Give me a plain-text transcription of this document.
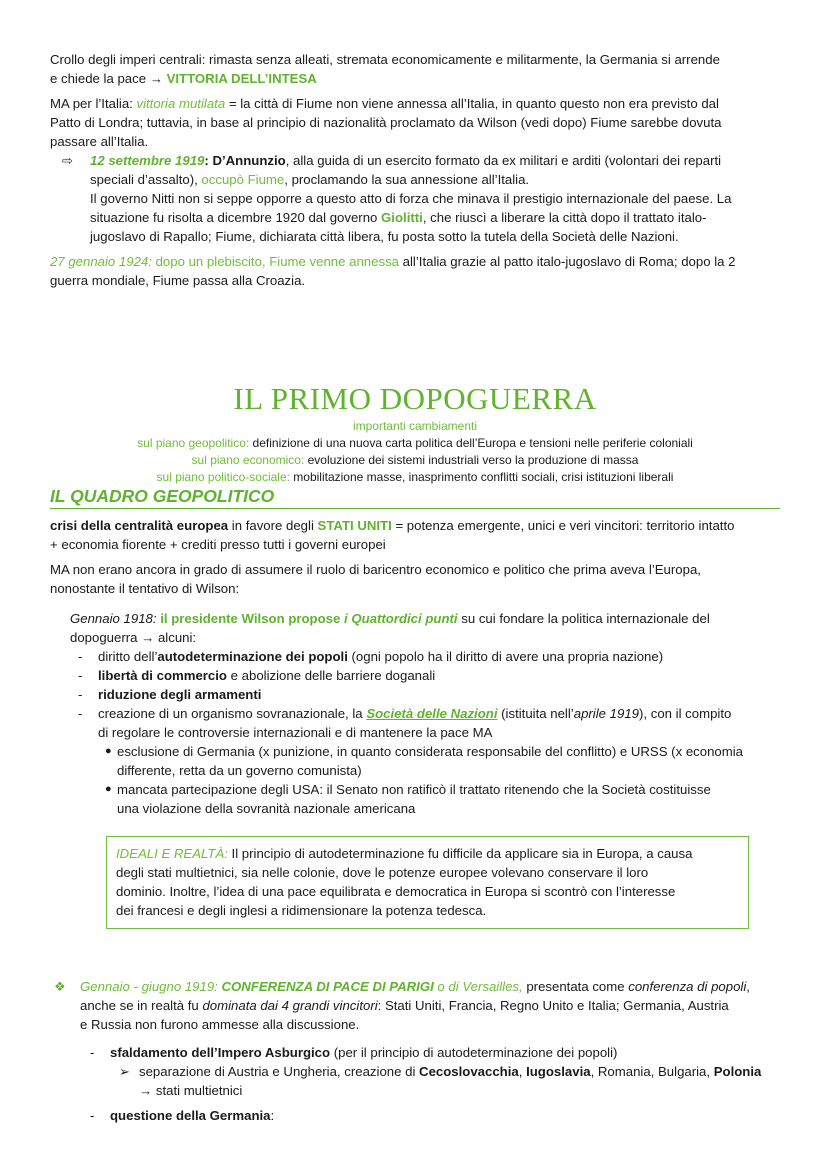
Crollo degli imperi centrali: rimasta senza alleati, stremata economicamente e militarmente, la Germania si arrende
e chiede la pace → VITTORIA DELL’INTESA

MA per l’Italia: vittoria mutilata = la città di Fiume non viene annessa all’Italia, in quanto questo non era previsto dal
Patto di Londra; tuttavia, in base al principio di nazionalità proclamato da Wilson (vedi dopo) Fiume sarebbe dovuta
passare all’Italia.

⇨ 12 settembre 1919: D’Annunzio, alla guida di un esercito formato da ex militari e arditi (volontari dei reparti
speciali d’assalto), occupò Fiume, proclamando la sua annessione all’Italia.
Il governo Nitti non si seppe opporre a questo atto di forza che minava il prestigio internazionale del paese. La
situazione fu risolta a dicembre 1920 dal governo Giolitti, che riuscì a liberare la città dopo il trattato italo-
jugoslavo di Rapallo; Fiume, dichiarata città libera, fu posta sotto la tutela della Società delle Nazioni.

27 gennaio 1924: dopo un plebiscito, Fiume venne annessa all’Italia grazie al patto italo-jugoslavo di Roma; dopo la 2
guerra mondiale, Fiume passa alla Croazia.

IL PRIMO DOPOGUERRA
importanti cambiamenti
sul piano geopolitico: definizione di una nuova carta politica dell’Europa e tensioni nelle periferie coloniali
sul piano economico: evoluzione dei sistemi industriali verso la produzione di massa
sul piano politico-sociale: mobilitazione masse, inasprimento conflitti sociali, crisi istituzioni liberali
IL QUADRO GEOPOLITICO

crisi della centralità europea in favore degli STATI UNITI = potenza emergente, unici e veri vincitori: territorio intatto
+ economia fiorente + crediti presso tutti i governi europei

MA non erano ancora in grado di assumere il ruolo di baricentro economico e politico che prima aveva l’Europa,
nonostante il tentativo di Wilson:

Gennaio 1918: il presidente Wilson propose i Quattordici punti su cui fondare la politica internazionale del
dopoguerra → alcuni:

- diritto dell’autodeterminazione dei popoli (ogni popolo ha il diritto di avere una propria nazione)

- libertà di commercio e abolizione delle barriere doganali

- riduzione degli armamenti

- creazione di un organismo sovranazionale, la Società delle Nazioni (istituita nell’aprile 1919), con il compito
di regolare le controversie internazionali e di mantenere la pace MA

● esclusione di Germania (x punizione, in quanto considerata responsabile del conflitto) e URSS (x economia
differente, retta da un governo comunista)

● mancata partecipazione degli USA: il Senato non ratificò il trattato ritenendo che la Società costituisse
una violazione della sovranità nazionale americana

IDEALI E REALTÀ: Il principio di autodeterminazione fu difficile da applicare sia in Europa, a causa
degli stati multietnici, sia nelle colonie, dove le potenze europee volevano conservare il loro
dominio. Inoltre, l’idea di una pace equilibrata e democratica in Europa si scontrò con l’interesse
dei francesi e degli inglesi a ridimensionare la potenza tedesca.

❖ Gennaio - giugno 1919: CONFERENZA DI PACE DI PARIGI o di Versailles, presentata come conferenza di popoli,
anche se in realtà fu dominata dai 4 grandi vincitori: Stati Uniti, Francia, Regno Unito e Italia; Germania, Austria
e Russia non furono ammesse alla discussione.

- sfaldamento dell’Impero Asburgico (per il principio di autodeterminazione dei popoli)

➢ separazione di Austria e Ungheria, creazione di Cecoslovacchia, Iugoslavia, Romania, Bulgaria, Polonia
→ stati multietnici

- questione della Germania:
